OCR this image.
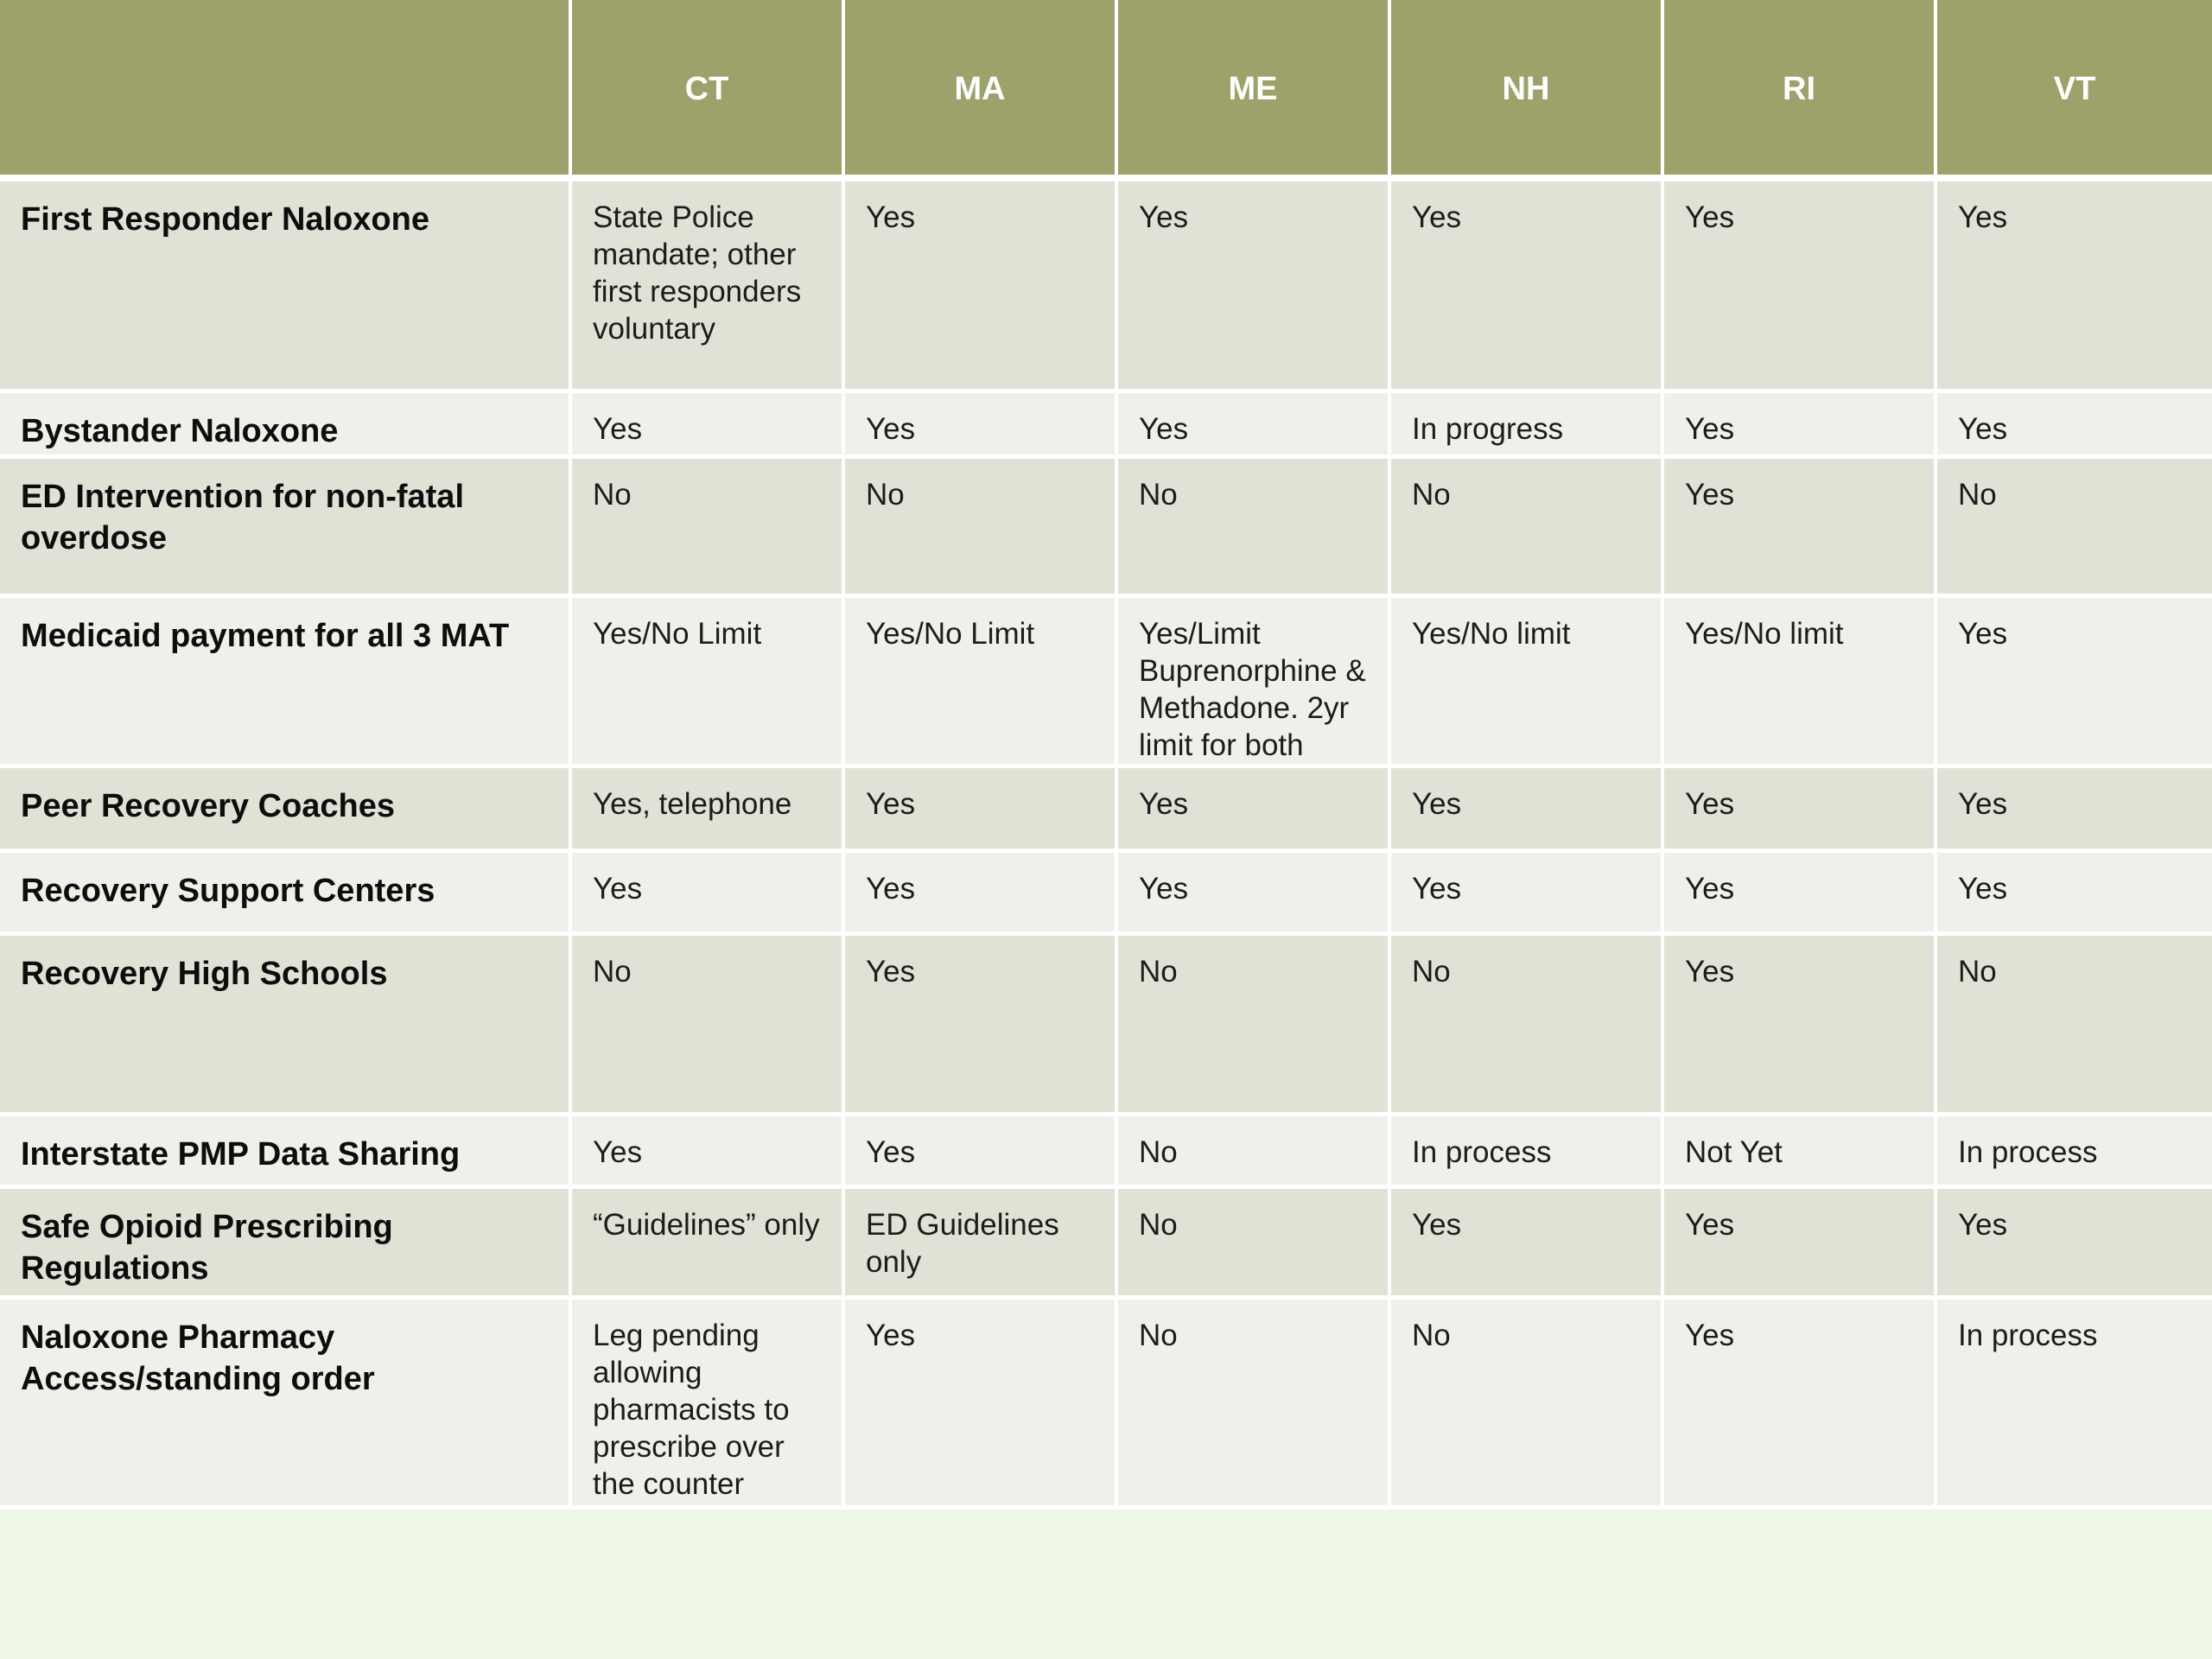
	CT	MA	ME	NH	RI	VT
First Responder Naloxone	State Police mandate; other first responders voluntary	Yes	Yes	Yes	Yes	Yes
Bystander Naloxone	Yes	Yes	Yes	In progress	Yes	Yes
ED Intervention for non-fatal overdose	No	No	No	No	Yes	No
Medicaid payment for all 3 MAT	Yes/No Limit	Yes/No Limit	Yes/Limit Buprenorphine & Methadone. 2yr limit for both	Yes/No limit	Yes/No limit	Yes
Peer Recovery Coaches	Yes, telephone	Yes	Yes	Yes	Yes	Yes
Recovery Support Centers	Yes	Yes	Yes	Yes	Yes	Yes
Recovery High Schools	No	Yes	No	No	Yes	No
Interstate PMP Data Sharing	Yes	Yes	No	In process	Not Yet	In process
Safe Opioid Prescribing Regulations	“Guidelines” only	ED Guidelines only	No	Yes	Yes	Yes
Naloxone Pharmacy Access/standing order	Leg pending allowing pharmacists to prescribe over the counter	Yes	No	No	Yes	In process
